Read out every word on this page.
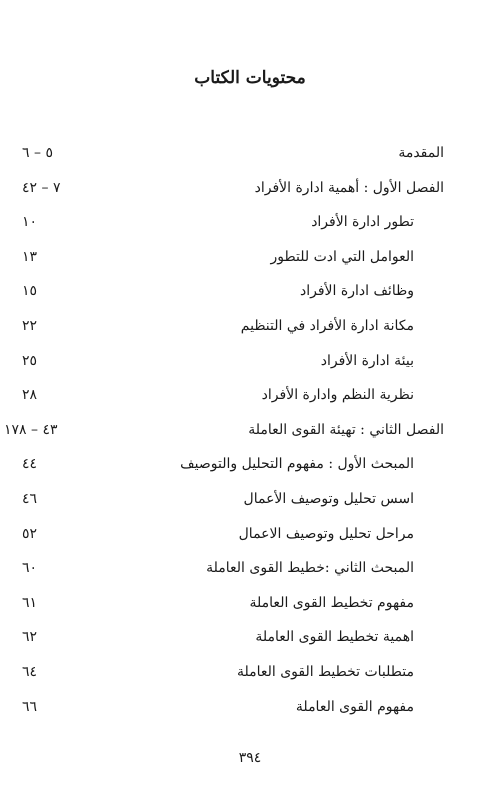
محتويات الكتاب
المقدمة
٥ – ٦
الفصل الأول : أهمية ادارة الأفراد
٧ – ٤٢
تطور ادارة الأفراد
١٠
العوامل التي ادت للتطور
١٣
وظائف ادارة الأفراد
١٥
مكانة ادارة الأفراد في التنظيم
٢٢
بيئة ادارة الأفراد
٢٥
نظرية النظم وادارة الأفراد
٢٨
الفصل الثاني : تهيئة القوى العاملة
٤٣ – ١٧٨
المبحث الأول : مفهوم التحليل والتوصيف
٤٤
اسس تحليل وتوصيف الأعمال
٤٦
مراحل تحليل وتوصيف الاعمال
٥٢
المبحث الثاني :خطيط القوى العاملة
٦٠
مفهوم تخطيط القوى العاملة
٦١
اهمية تخطيط القوى العاملة
٦٢
متطلبات تخطيط القوى العاملة
٦٤
مفهوم القوى العاملة
٦٦
٣٩٤
